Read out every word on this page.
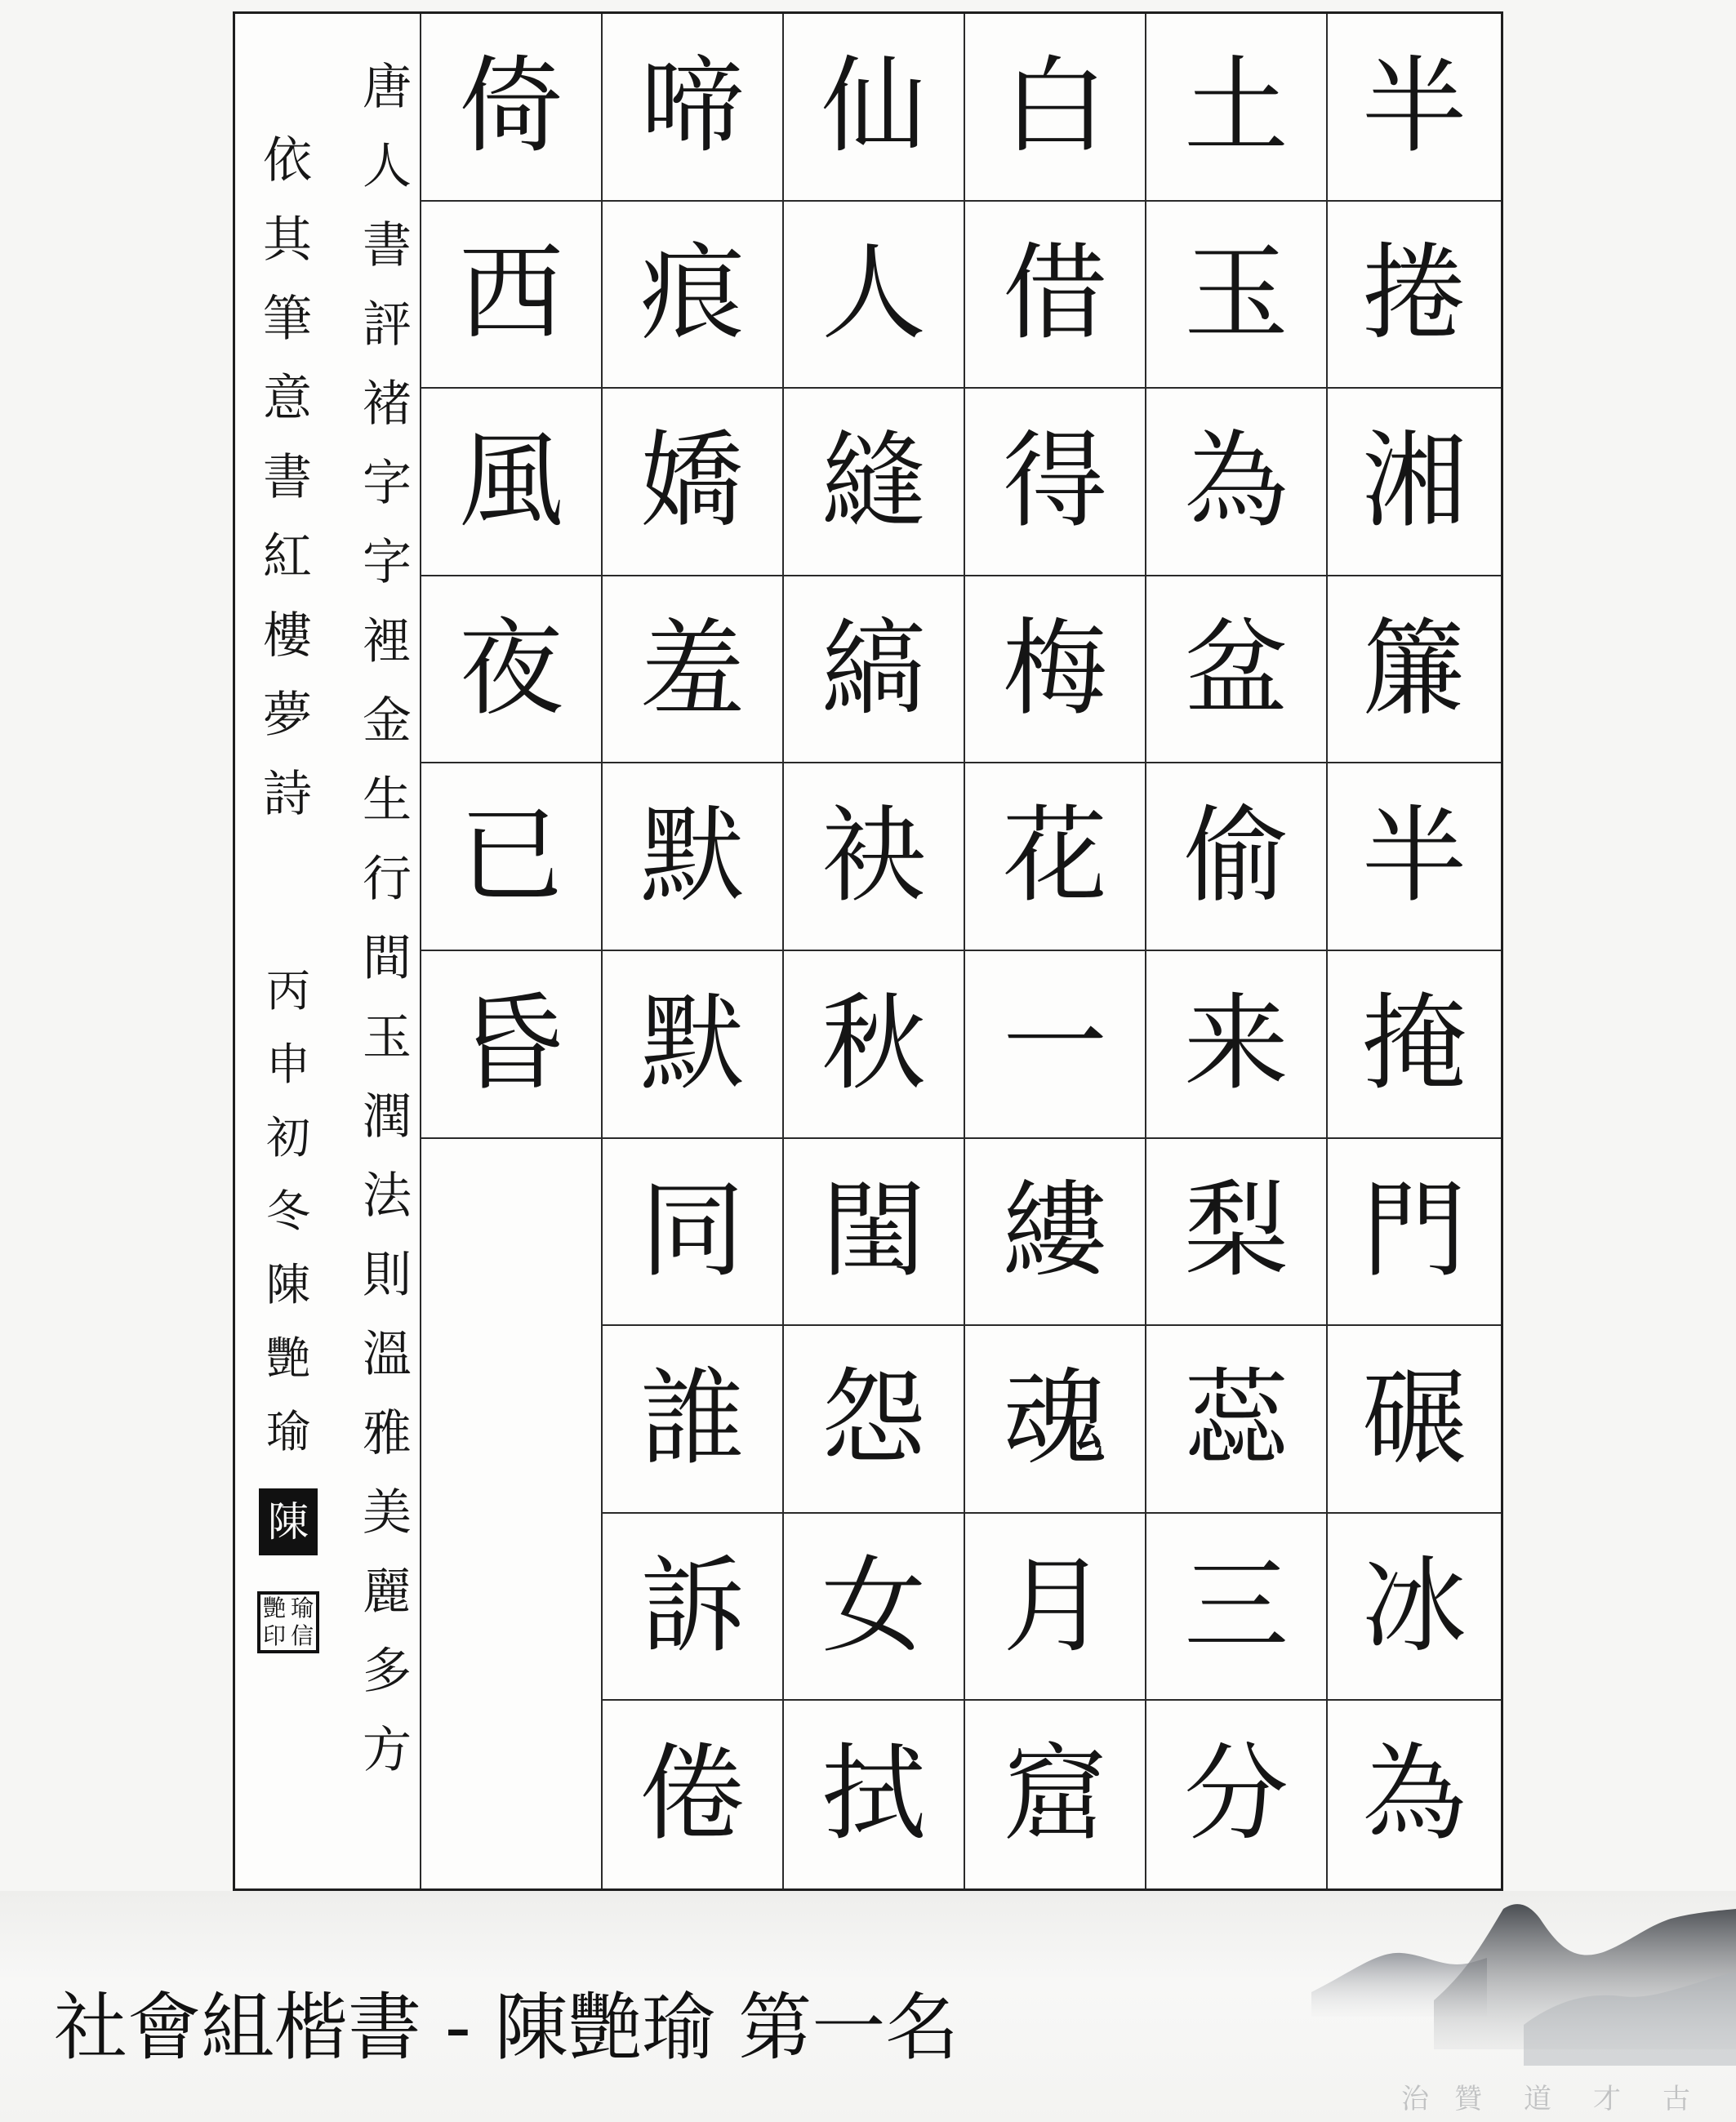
治 贊 道 才 古
半
捲
湘
簾
半
掩
門
碾
冰
為
土
玉
為
盆
偷
来
梨
蕊
三
分
白
借
得
梅
花
一
縷
魂
月
窟
仙
人
縫
縞
袂
秋
閨
怨
女
拭
啼
痕
嬌
羞
默
默
同
誰
訴
倦
倚
西
風
夜
已
昏
唐
人
書
評
褚
字
字
裡
金
生
行
間
玉
潤
法
則
溫
雅
美
麗
多
方
依
其
筆
意
書
紅
樓
夢
詩
丙
申
初
冬
陳
艷
瑜
陳
艷 瑜
印 信
社會組楷書 - 陳艷瑜 第一名
